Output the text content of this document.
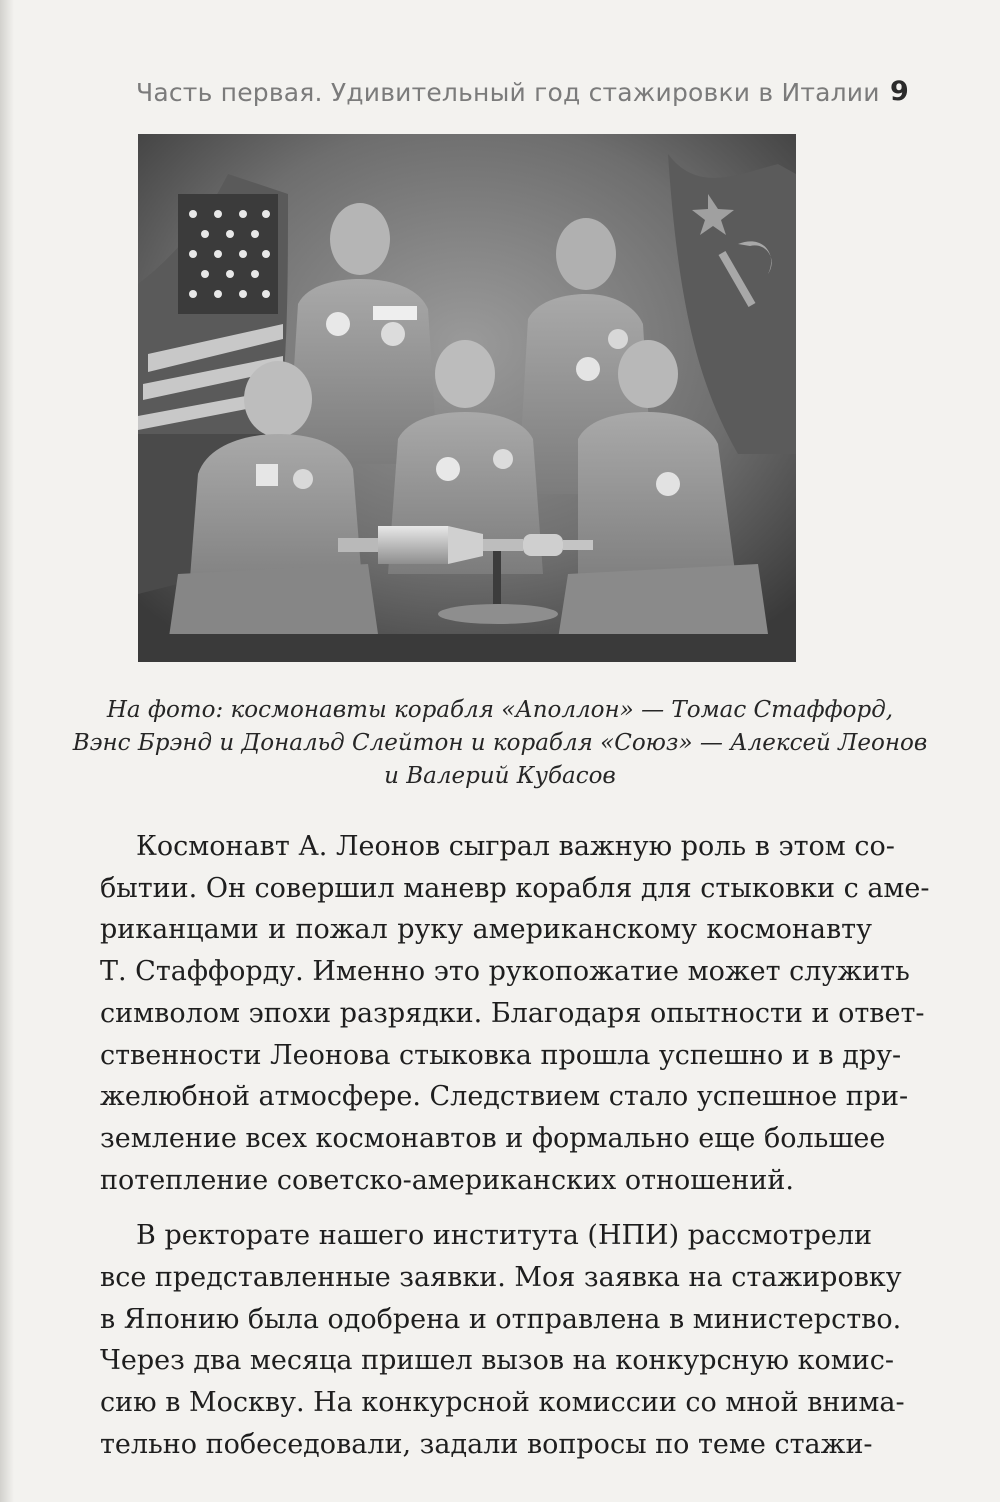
Часть первая. Удивительный год стажировки в Италии 9
На фото: космонавты корабля «Аполлон» — Томас Стаффорд,
Вэнс Брэнд и Дональд Слейтон и корабля «Союз» — Алексей Леонов
и Валерий Кубасов

Космонавт А. Леонов сыграл важную роль в этом со-
бытии. Он совершил маневр корабля для стыковки с аме-
риканцами и пожал руку американскому космонавту
Т. Стаффорду. Именно это рукопожатие может служить
символом эпохи разрядки. Благодаря опытности и ответ-
ственности Леонова стыковка прошла успешно и в дру-
желюбной атмосфере. Следствием стало успешное при-
земление всех космонавтов и формально еще большее
потепление советско-американских отношений.

В ректорате нашего института (НПИ) рассмотрели
все представленные заявки. Моя заявка на стажировку
в Японию была одобрена и отправлена в министерство.
Через два месяца пришел вызов на конкурсную комис-
сию в Москву. На конкурсной комиссии со мной внима-
тельно побеседовали, задали вопросы по теме стажи-
